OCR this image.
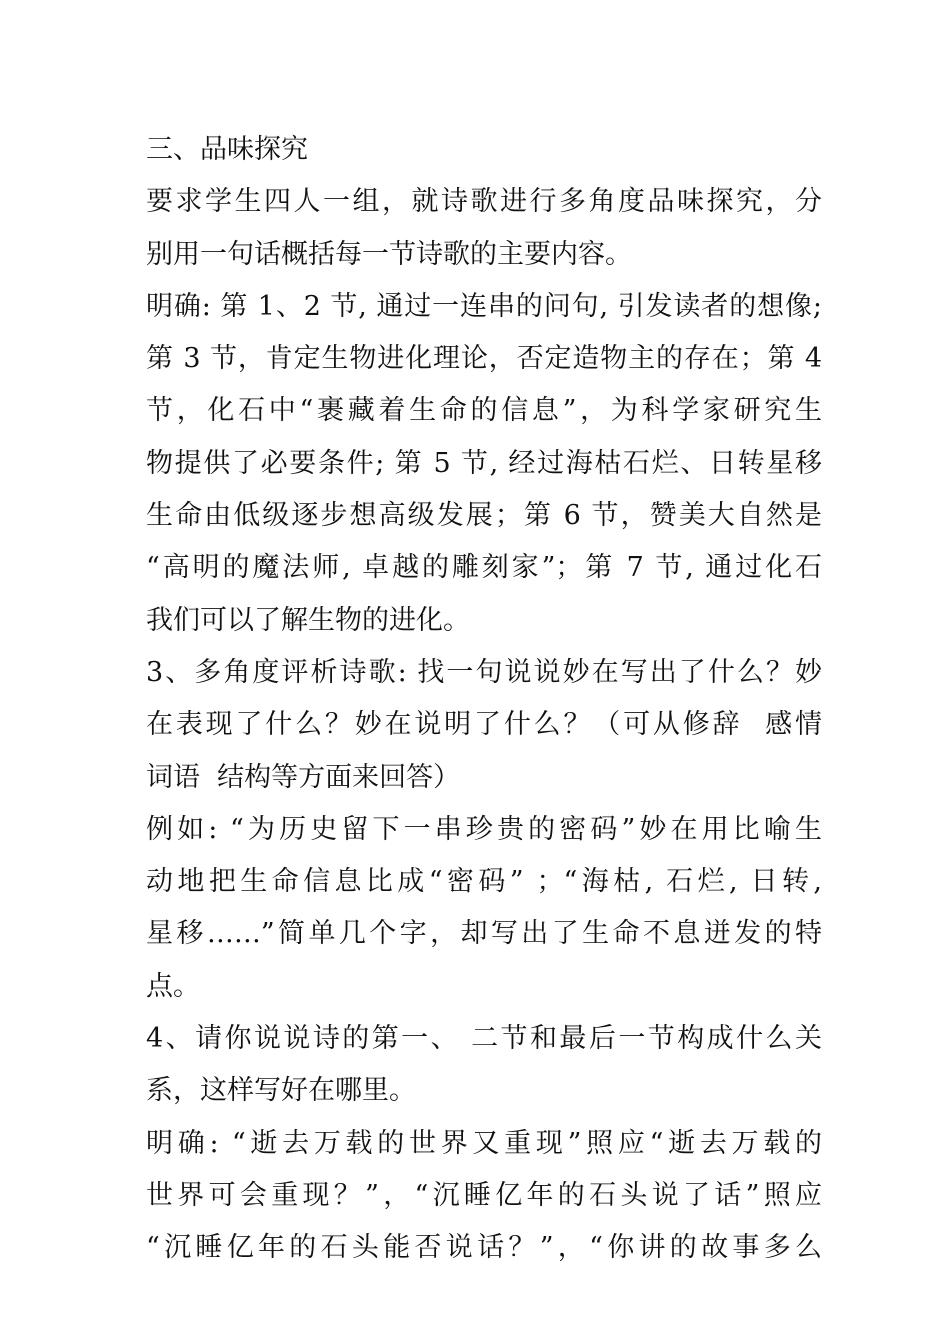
三、品味探究
要求学生四人一组，就诗歌进行多角度品味探究，分
别用一句话概括每一节诗歌的主要内容。
明确: 第 1、2 节, 通过一连串的问句, 引发读者的想像;
第 3 节，肯定生物进化理论，否定造物主的存在；第 4
节，化石中“裹藏着生命的信息”，为科学家研究生
物提供了必要条件; 第 5 节, 经过海枯石烂、日转星移
生命由低级逐步想高级发展；第 6 节，赞美大自然是
“高明的魔法师, 卓越的雕刻家”；第 7 节, 通过化石
我们可以了解生物的进化。
3、多角度评析诗歌: 找一句说说妙在写出了什么？妙
在表现了什么？妙在说明了什么？（可从修辞  感情
词语  结构等方面来回答）
例如: “为历史留下一串珍贵的密码”妙在用比喻生
动地把生命信息比成“密码” ；“海枯, 石烂, 日转,
星移……”简单几个字，却写出了生命不息迸发的特
点。
4、请你说说诗的第一、 二节和最后一节构成什么关
系，这样写好在哪里。
明确: “逝去万载的世界又重现”照应“逝去万载的
世界可会重现？”，“沉睡亿年的石头说了话”照应
“沉睡亿年的石头能否说话？”，“你讲的故事多么
